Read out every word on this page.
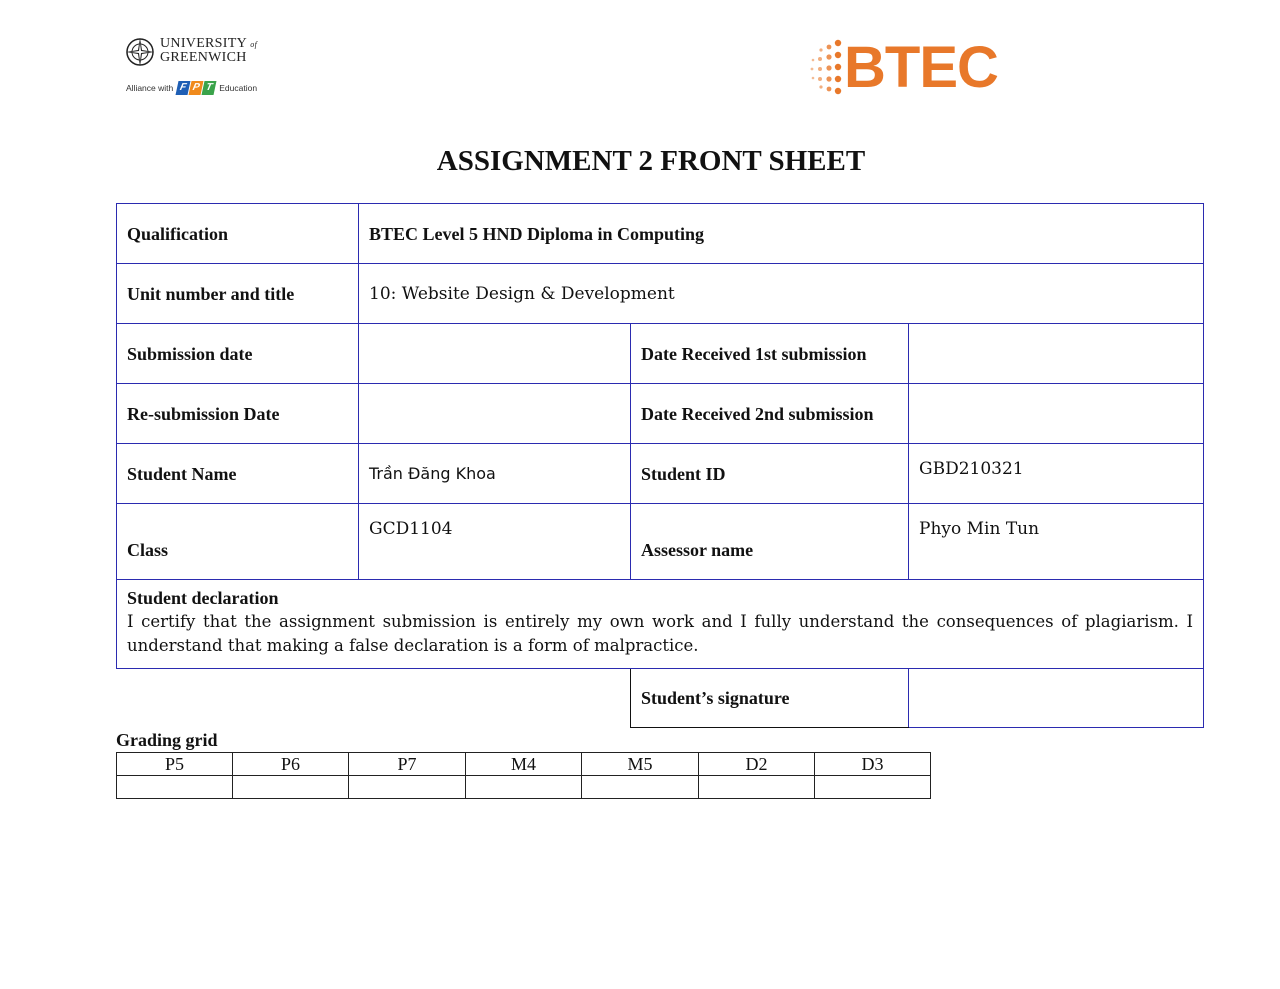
UNIVERSITY of
GREENWICH
Alliance with F P T Education	BTEC
ASSIGNMENT 2 FRONT SHEET
Qualification	BTEC Level 5 HND Diploma in Computing		
Unit number and title	10: Website Design & Development		
Submission date		Date Received 1st submission	
Re-submission Date		Date Received 2nd submission	
Student Name	Trần Đăng Khoa	Student ID	GBD210321
Class	GCD1104	Assessor name	Phyo Min Tun

Student declaration
I certify that the assignment submission is entirely my own work and I fully understand the consequences of plagiarism. I understand that making a false declaration is a form of malpractice.			

		Student’s signature	
Grading grid
P5	P6	P7	M4	M5	D2	D3
